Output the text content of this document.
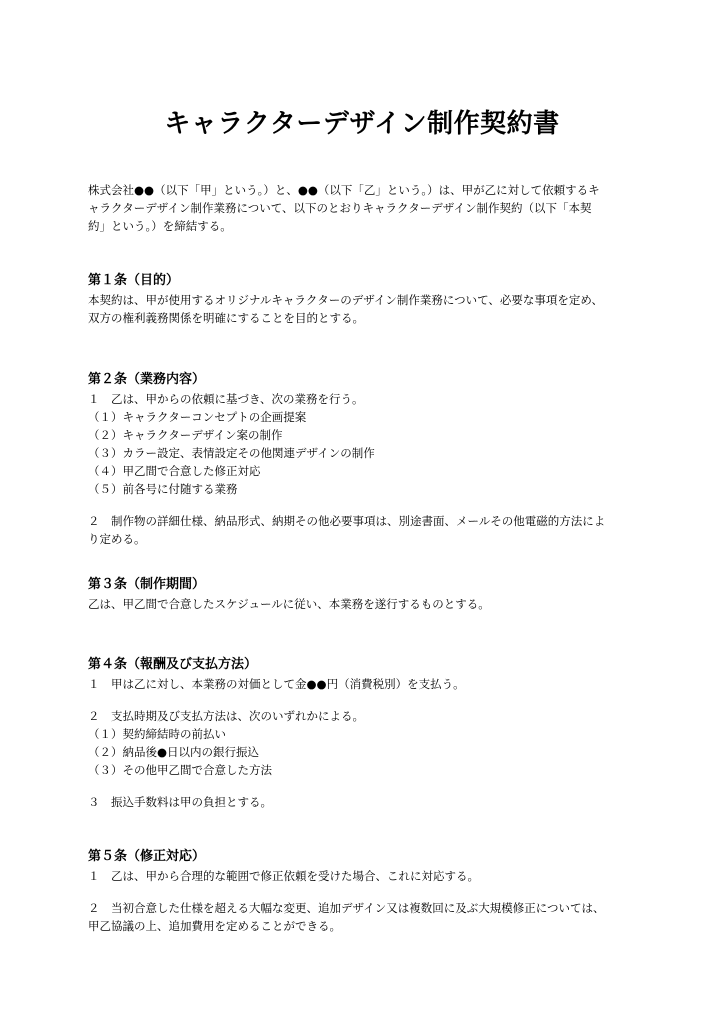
キャラクターデザイン制作契約書
株式会社●●（以下「甲」という。）と、●●（以下「乙」という。）は、甲が乙に対して依頼するキ
ャラクターデザイン制作業務について、以下のとおりキャラクターデザイン制作契約（以下「本契
約」という。）を締結する。
第１条（目的）
本契約は、甲が使用するオリジナルキャラクターのデザイン制作業務について、必要な事項を定め、
双方の権利義務関係を明確にすることを目的とする。
第２条（業務内容）
１　乙は、甲からの依頼に基づき、次の業務を行う。
（１）キャラクターコンセプトの企画提案
（２）キャラクターデザイン案の制作
（３）カラー設定、表情設定その他関連デザインの制作
（４）甲乙間で合意した修正対応
（５）前各号に付随する業務
２　制作物の詳細仕様、納品形式、納期その他必要事項は、別途書面、メールその他電磁的方法によ
り定める。
第３条（制作期間）
乙は、甲乙間で合意したスケジュールに従い、本業務を遂行するものとする。
第４条（報酬及び支払方法）
１　甲は乙に対し、本業務の対価として金●●円（消費税別）を支払う。
２　支払時期及び支払方法は、次のいずれかによる。
（１）契約締結時の前払い
（２）納品後●日以内の銀行振込
（３）その他甲乙間で合意した方法
３　振込手数料は甲の負担とする。
第５条（修正対応）
１　乙は、甲から合理的な範囲で修正依頼を受けた場合、これに対応する。
２　当初合意した仕様を超える大幅な変更、追加デザイン又は複数回に及ぶ大規模修正については、
甲乙協議の上、追加費用を定めることができる。
